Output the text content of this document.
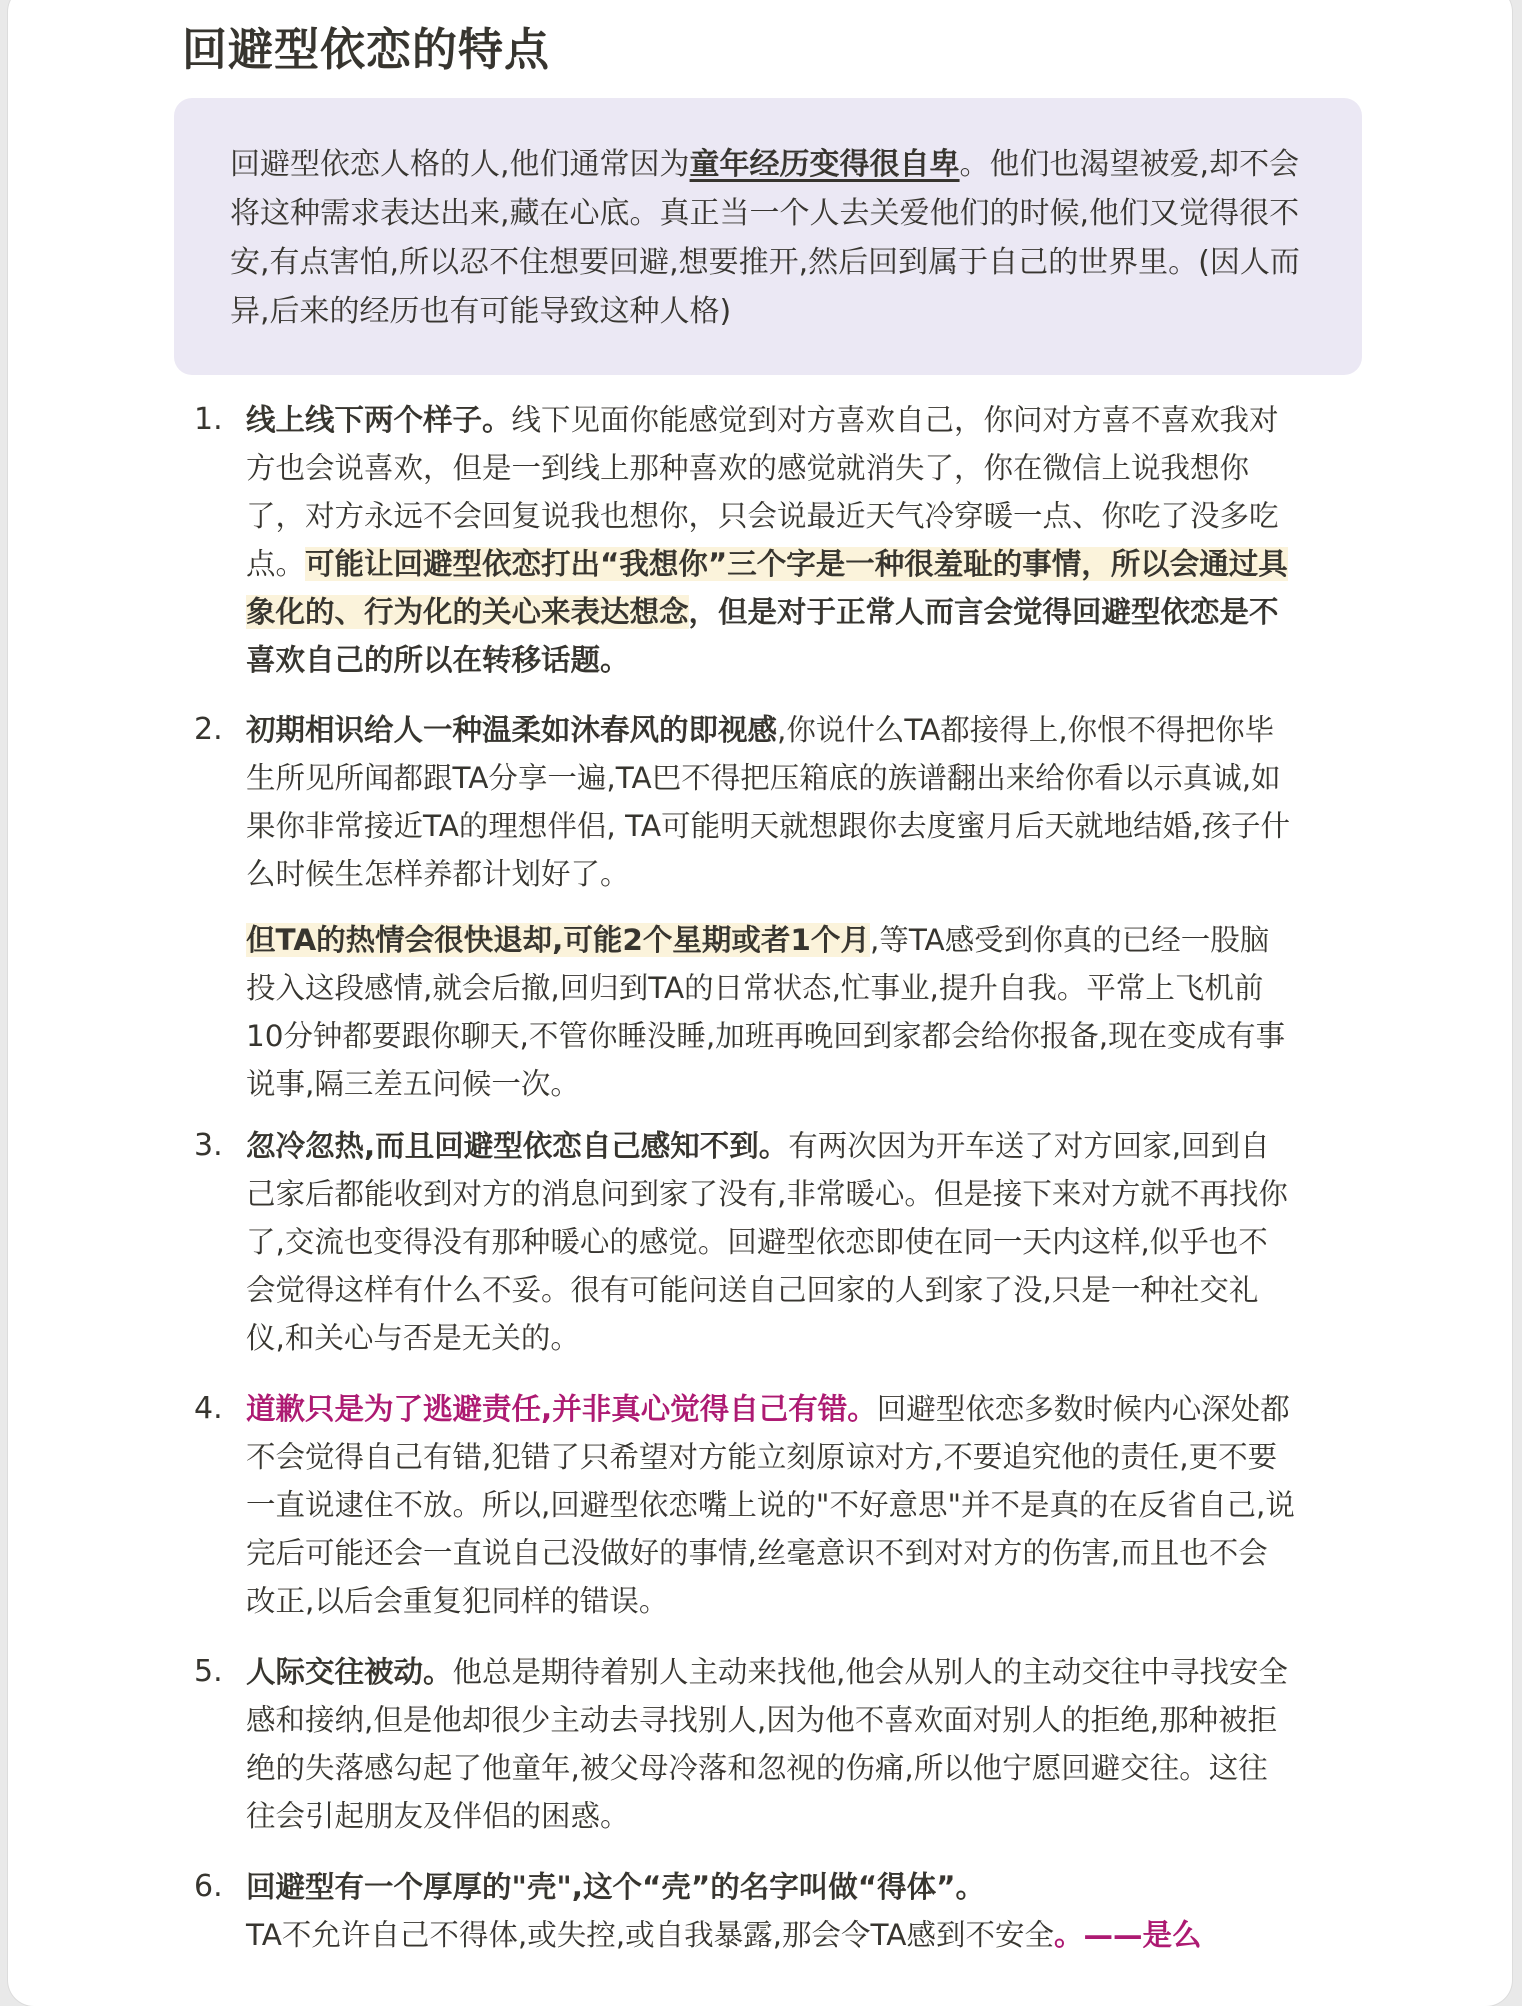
回避型依恋的特点
回避型依恋人格的人,他们通常因为童年经历变得很自卑。他们也渴望被爱,却不会将这种需求表达出来,藏在心底。真正当一个人去关爱他们的时候,他们又觉得很不安,有点害怕,所以忍不住想要回避,想要推开,然后回到属于自己的世界里。(因人而异,后来的经历也有可能导致这种人格)
1. 线上线下两个样子。线下见面你能感觉到对方喜欢自己，你问对方喜不喜欢我对方也会说喜欢，但是一到线上那种喜欢的感觉就消失了，你在微信上说我想你了，对方永远不会回复说我也想你，只会说最近天气冷穿暖一点、你吃了没多吃点。可能让回避型依恋打出“我想你”三个字是一种很羞耻的事情，所以会通过具象化的、行为化的关心来表达想念，但是对于正常人而言会觉得回避型依恋是不喜欢自己的所以在转移话题。

2. 初期相识给人一种温柔如沐春风的即视感,你说什么TA都接得上,你恨不得把你毕生所见所闻都跟TA分享一遍,TA巴不得把压箱底的族谱翻出来给你看以示真诚,如果你非常接近TA的理想伴侣, TA可能明天就想跟你去度蜜月后天就地结婚,孩子什么时候生怎样养都计划好了。

但TA的热情会很快退却,可能2个星期或者1个月,等TA感受到你真的已经一股脑投入这段感情,就会后撤,回归到TA的日常状态,忙事业,提升自我。平常上飞机前10分钟都要跟你聊天,不管你睡没睡,加班再晚回到家都会给你报备,现在变成有事说事,隔三差五问候一次。

3. 忽冷忽热,而且回避型依恋自己感知不到。有两次因为开车送了对方回家,回到自己家后都能收到对方的消息问到家了没有,非常暖心。但是接下来对方就不再找你了,交流也变得没有那种暖心的感觉。回避型依恋即使在同一天内这样,似乎也不会觉得这样有什么不妥。很有可能问送自己回家的人到家了没,只是一种社交礼仪,和关心与否是无关的。

4. 道歉只是为了逃避责任,并非真心觉得自己有错。回避型依恋多数时候内心深处都不会觉得自己有错,犯错了只希望对方能立刻原谅对方,不要追究他的责任,更不要一直说逮住不放。所以,回避型依恋嘴上说的"不好意思"并不是真的在反省自己,说完后可能还会一直说自己没做好的事情,丝毫意识不到对对方的伤害,而且也不会改正,以后会重复犯同样的错误。

5. 人际交往被动。他总是期待着别人主动来找他,他会从别人的主动交往中寻找安全感和接纳,但是他却很少主动去寻找别人,因为他不喜欢面对别人的拒绝,那种被拒绝的失落感勾起了他童年,被父母冷落和忽视的伤痛,所以他宁愿回避交往。这往往会引起朋友及伴侣的困惑。

6. 回避型有一个厚厚的"壳",这个“壳”的名字叫做“得体”。

TA不允许自己不得体,或失控,或自我暴露,那会令TA感到不安全。——是么
